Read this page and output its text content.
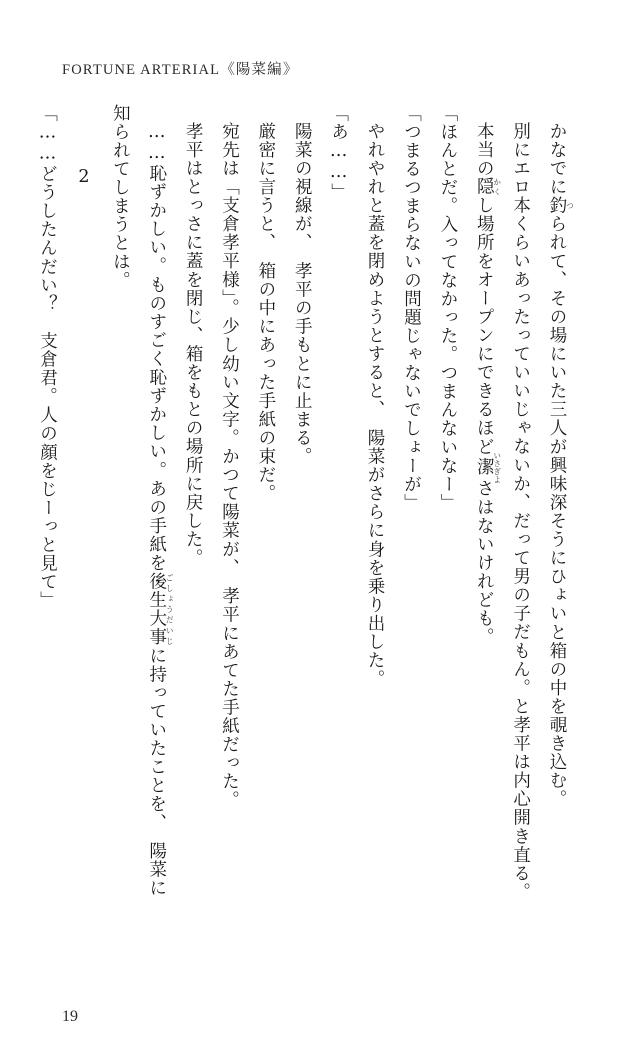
FORTUNE ARTERIAL《陽菜編》

かなでに釣つられて、その場にいた三人が興味深そうにひょいと箱の中を覗き込む。

別にエロ本くらいあったっていいじゃないか、だって男の子だもん。と孝平は内心開き直る。

本当の隠かくし場所をオープンにできるほど潔いさぎよさはないけれども。

「ほんとだ。入ってなかった。つまんないなー」

「つまるつまらないの問題じゃないでしょーが」

やれやれと蓋を閉めようとすると、　陽菜がさらに身を乗り出した。

「あ……」

陽菜の視線が、　孝平の手もとに止まる。

厳密に言うと、　箱の中にあった手紙の束だ。

宛先は「支倉孝平様」。少し幼い文字。かつて陽菜が、　孝平にあてた手紙だった。

孝平はとっさに蓋を閉じ、箱をもとの場所に戻した。

……恥ずかしい。ものすごく恥ずかしい。あの手紙を後生大事ごしょうだいじに持っていたことを、　陽菜に

知られてしまうとは。

2

「……どうしたんだい？　支倉君。人の顔をじーっと見て」

19
